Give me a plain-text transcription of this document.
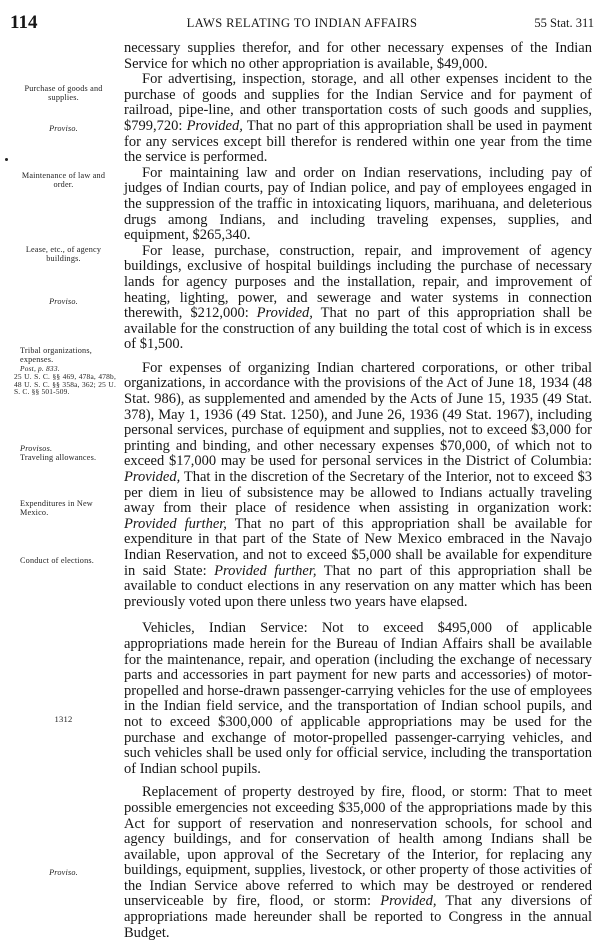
114	LAWS RELATING TO INDIAN AFFAIRS	55 Stat. 311
Purchase of goods and supplies.
Proviso.
Maintenance of law and order.
Lease, etc., of agency buildings.
Proviso.
Tribal organizations, expenses.
Post, p. 833.
25 U. S. C. §§ 469, 478a, 478b, 48 U. S. C. §§ 358a, 362; 25 U. S. C. §§ 501-509.
Provisos.
Traveling allowances.
Expenditures in New Mexico.
Conduct of elections.
1312
Proviso.

necessary supplies therefor, and for other necessary expenses of the Indian Service for which no other appropriation is available, $49,000.

For advertising, inspection, storage, and all other expenses incident to the purchase of goods and supplies for the Indian Service and for payment of railroad, pipe-line, and other transportation costs of such goods and supplies, $799,720: Provided, That no part of this appropriation shall be used in payment for any services except bill therefor is rendered within one year from the time the service is performed.

For maintaining law and order on Indian reservations, including pay of judges of Indian courts, pay of Indian police, and pay of employees engaged in the suppression of the traffic in intoxicating liquors, marihuana, and deleterious drugs among Indians, and including traveling expenses, supplies, and equipment, $265,340.

For lease, purchase, construction, repair, and improvement of agency buildings, exclusive of hospital buildings including the purchase of necessary lands for agency purposes and the installation, repair, and improvement of heating, lighting, power, and sewerage and water systems in connection therewith, $212,000: Provided, That no part of this appropriation shall be available for the construction of any building the total cost of which is in excess of $1,500.

For expenses of organizing Indian chartered corporations, or other tribal organizations, in accordance with the provisions of the Act of June 18, 1934 (48 Stat. 986), as supplemented and amended by the Acts of June 15, 1935 (49 Stat. 378), May 1, 1936 (49 Stat. 1250), and June 26, 1936 (49 Stat. 1967), including personal services, purchase of equipment and supplies, not to exceed $3,000 for printing and binding, and other necessary expenses $70,000, of which not to exceed $17,000 may be used for personal services in the District of Columbia: Provided, That in the discretion of the Secretary of the Interior, not to exceed $3 per diem in lieu of subsistence may be allowed to Indians actually traveling away from their place of residence when assisting in organization work: Provided further, That no part of this appropriation shall be available for expenditure in that part of the State of New Mexico embraced in the Navajo Indian Reservation, and not to exceed $5,000 shall be available for expenditure in said State: Provided further, That no part of this appropriation shall be available to conduct elections in any reservation on any matter which has been previously voted upon there unless two years have elapsed.

Vehicles, Indian Service: Not to exceed $495,000 of applicable appropriations made herein for the Bureau of Indian Affairs shall be available for the maintenance, repair, and operation (including the exchange of necessary parts and accessories in part payment for new parts and accessories) of motor-propelled and horse-drawn passenger-carrying vehicles for the use of employees in the Indian field service, and the transportation of Indian school pupils, and not to exceed $300,000 of applicable appropriations may be used for the purchase and exchange of motor-propelled passenger-carrying vehicles, and such vehicles shall be used only for official service, including the transportation of Indian school pupils.

Replacement of property destroyed by fire, flood, or storm: That to meet possible emergencies not exceeding $35,000 of the appropriations made by this Act for support of reservation and nonreservation schools, for school and agency buildings, and for conservation of health among Indians shall be available, upon approval of the Secretary of the Interior, for replacing any buildings, equipment, supplies, livestock, or other property of those activities of the Indian Service above referred to which may be destroyed or rendered unserviceable by fire, flood, or storm: Provided, That any diversions of appropriations made hereunder shall be reported to Congress in the annual Budget.
